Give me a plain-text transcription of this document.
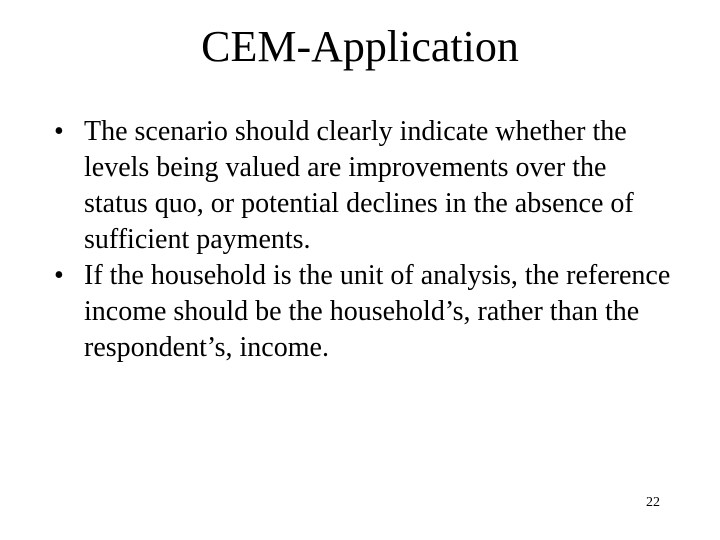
CEM-Application
• The scenario should clearly indicate whether the levels being valued are improvements over the status quo, or potential declines in the absence of sufficient payments.
• If the household is the unit of analysis, the reference income should be the household’s, rather than the respondent’s, income.
22
